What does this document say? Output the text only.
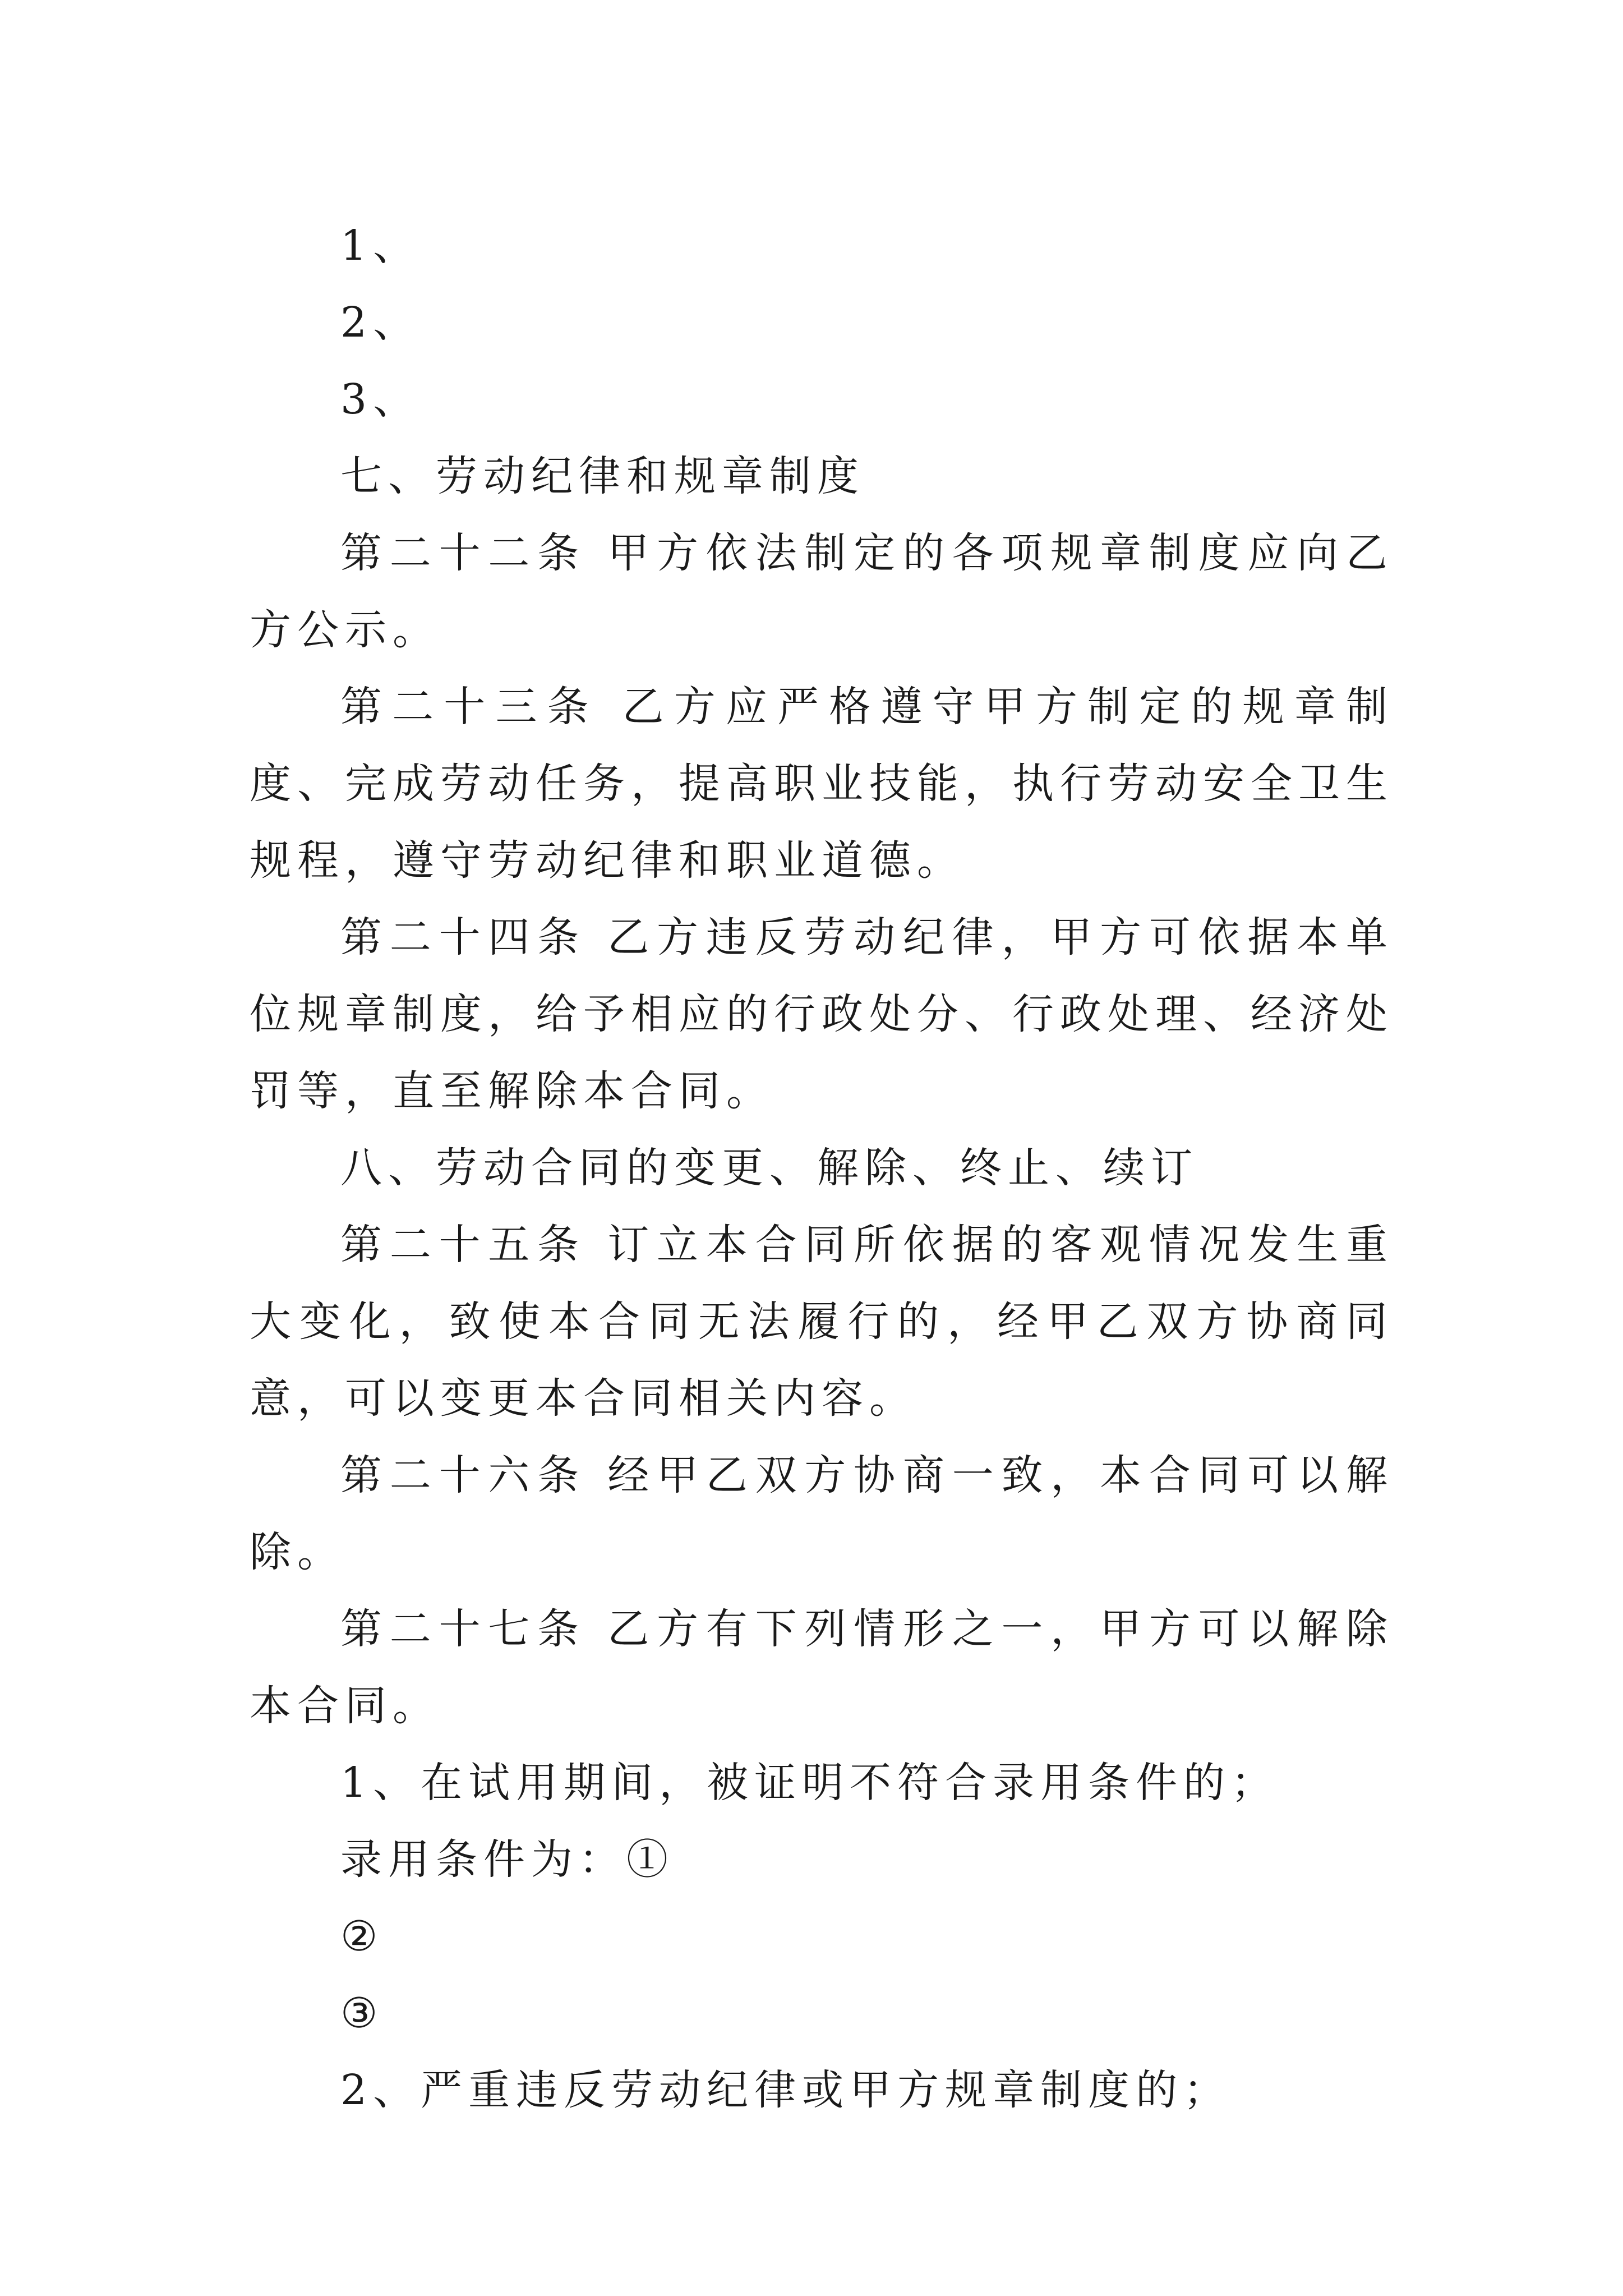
1、

2、

3、

七、劳动纪律和规章制度

第二十二条 甲方依法制定的各项规章制度应向乙方公示。

第二十三条 乙方应严格遵守甲方制定的规章制度、完成劳动任务，提高职业技能，执行劳动安全卫生规程，遵守劳动纪律和职业道德。

第二十四条 乙方违反劳动纪律，甲方可依据本单位规章制度，给予相应的行政处分、行政处理、经济处罚等，直至解除本合同。

八、劳动合同的变更、解除、终止、续订

第二十五条 订立本合同所依据的客观情况发生重大变化，致使本合同无法履行的，经甲乙双方协商同意，可以变更本合同相关内容。

第二十六条 经甲乙双方协商一致，本合同可以解除。

第二十七条 乙方有下列情形之一，甲方可以解除本合同。

1、在试用期间，被证明不符合录用条件的；

录用条件为：①

②

③

2、严重违反劳动纪律或甲方规章制度的；
